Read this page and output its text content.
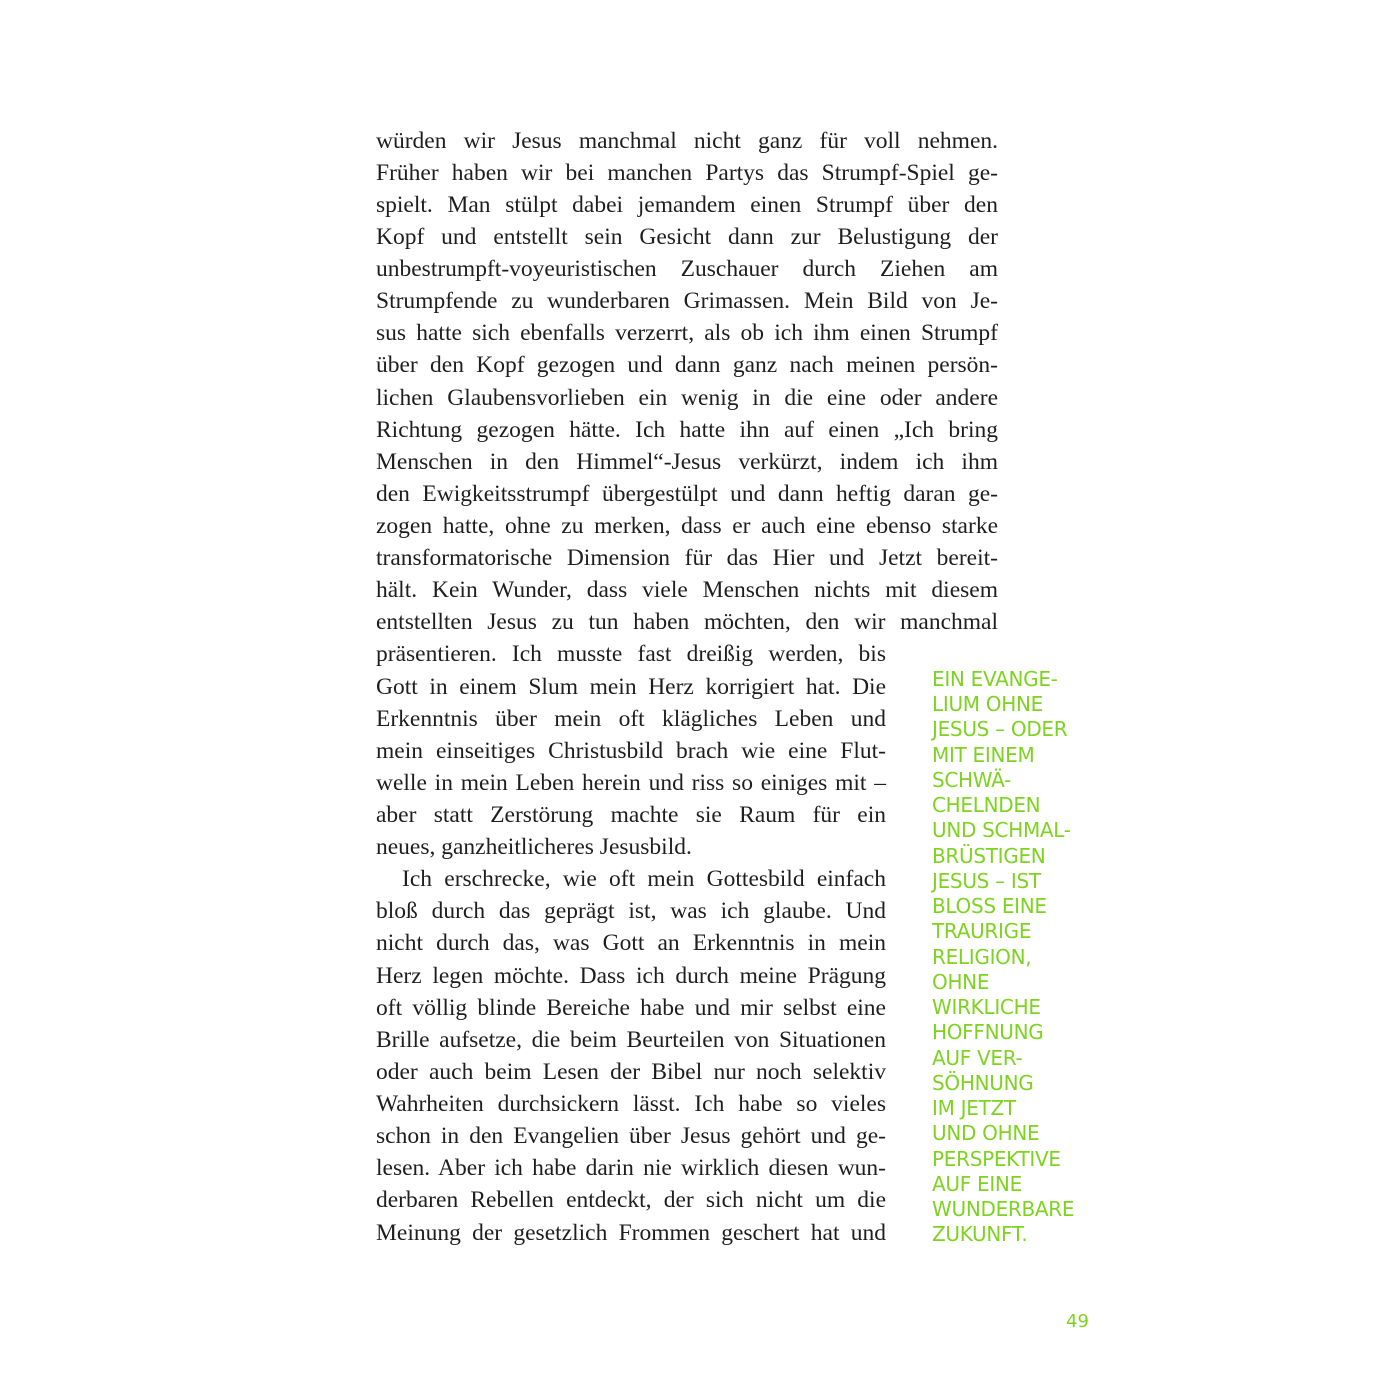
würden wir Jesus manchmal nicht ganz für voll nehmen.
Früher haben wir bei manchen Partys das Strumpf-Spiel ge-
spielt. Man stülpt dabei jemandem einen Strumpf über den
Kopf und entstellt sein Gesicht dann zur Belustigung der
unbestrumpft-voyeuristischen Zuschauer durch Ziehen am
Strumpfende zu wunderbaren Grimassen. Mein Bild von Je-
sus hatte sich ebenfalls verzerrt, als ob ich ihm einen Strumpf
über den Kopf gezogen und dann ganz nach meinen persön-
lichen Glaubensvorlieben ein wenig in die eine oder andere
Richtung gezogen hätte. Ich hatte ihn auf einen „Ich bring
Menschen in den Himmel“-Jesus verkürzt, indem ich ihm
den Ewigkeitsstrumpf übergestülpt und dann heftig daran ge-
zogen hatte, ohne zu merken, dass er auch eine ebenso starke
transformatorische Dimension für das Hier und Jetzt bereit-
hält. Kein Wunder, dass viele Menschen nichts mit diesem
entstellten Jesus zu tun haben möchten, den wir manchmal
präsentieren. Ich musste fast dreißig werden, bis
Gott in einem Slum mein Herz korrigiert hat. Die
Erkenntnis über mein oft klägliches Leben und
mein einseitiges Christusbild brach wie eine Flut-
welle in mein Leben herein und riss so einiges mit –
aber statt Zerstörung machte sie Raum für ein
neues, ganzheitlicheres Jesusbild.
Ich erschrecke, wie oft mein Gottesbild einfach
bloß durch das geprägt ist, was ich glaube. Und
nicht durch das, was Gott an Erkenntnis in mein
Herz legen möchte. Dass ich durch meine Prägung
oft völlig blinde Bereiche habe und mir selbst eine
Brille aufsetze, die beim Beurteilen von Situationen
oder auch beim Lesen der Bibel nur noch selektiv
Wahrheiten durchsickern lässt. Ich habe so vieles
schon in den Evangelien über Jesus gehört und ge-
lesen. Aber ich habe darin nie wirklich diesen wun-
derbaren Rebellen entdeckt, der sich nicht um die
Meinung der gesetzlich Frommen geschert hat und
EIN EVANGE-
LIUM OHNE
JESUS – ODER
MIT EINEM
SCHWÄ-
CHELNDEN
UND SCHMAL-
BRÜSTIGEN
JESUS – IST
BLOSS EINE
TRAURIGE
RELIGION,
OHNE
WIRKLICHE
HOFFNUNG
AUF VER-
SÖHNUNG
IM JETZT
UND OHNE
PERSPEKTIVE
AUF EINE
WUNDERBARE
ZUKUNFT.
49
